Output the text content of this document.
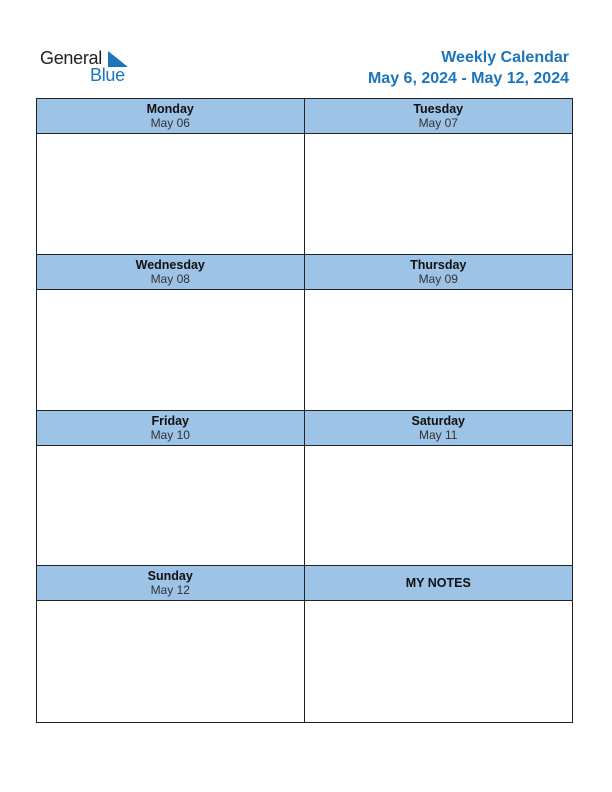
General
Blue
Weekly Calendar
May 6, 2024 - May 12, 2024
Monday
May 06
Tuesday
May 07
Wednesday
May 08
Thursday
May 09
Friday
May 10
Saturday
May 11
Sunday
May 12	MY NOTES
